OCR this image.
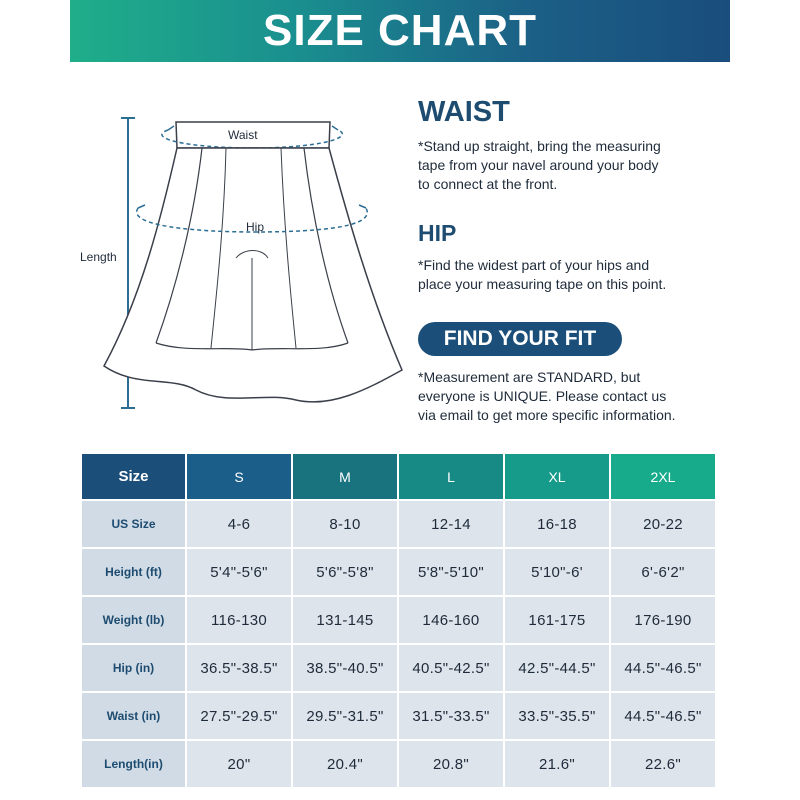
SIZE CHART
Waist
Hip
Length
WAIST

*Stand up straight, bring the measuring
tape from your navel around your body
to connect at the front.

HIP

*Find the widest part of your hips and
place your measuring tape on this point.

FIND YOUR FIT

*Measurement are STANDARD, but
everyone is UNIQUE. Please contact us
via email to get more specific information.

Size	S	M	L	XL	2XL
US Size	4-6	8-10	12-14	16-18	20-22
Height (ft)	5'4"-5'6"	5'6"-5'8"	5'8"-5'10"	5'10"-6'	6'-6'2"
Weight (lb)	116-130	131-145	146-160	161-175	176-190
Hip (in)	36.5"-38.5"	38.5"-40.5"	40.5"-42.5"	42.5"-44.5"	44.5"-46.5"
Waist (in)	27.5"-29.5"	29.5"-31.5"	31.5"-33.5"	33.5"-35.5"	44.5"-46.5"
Length(in)	20"	20.4"	20.8"	21.6"	22.6"
